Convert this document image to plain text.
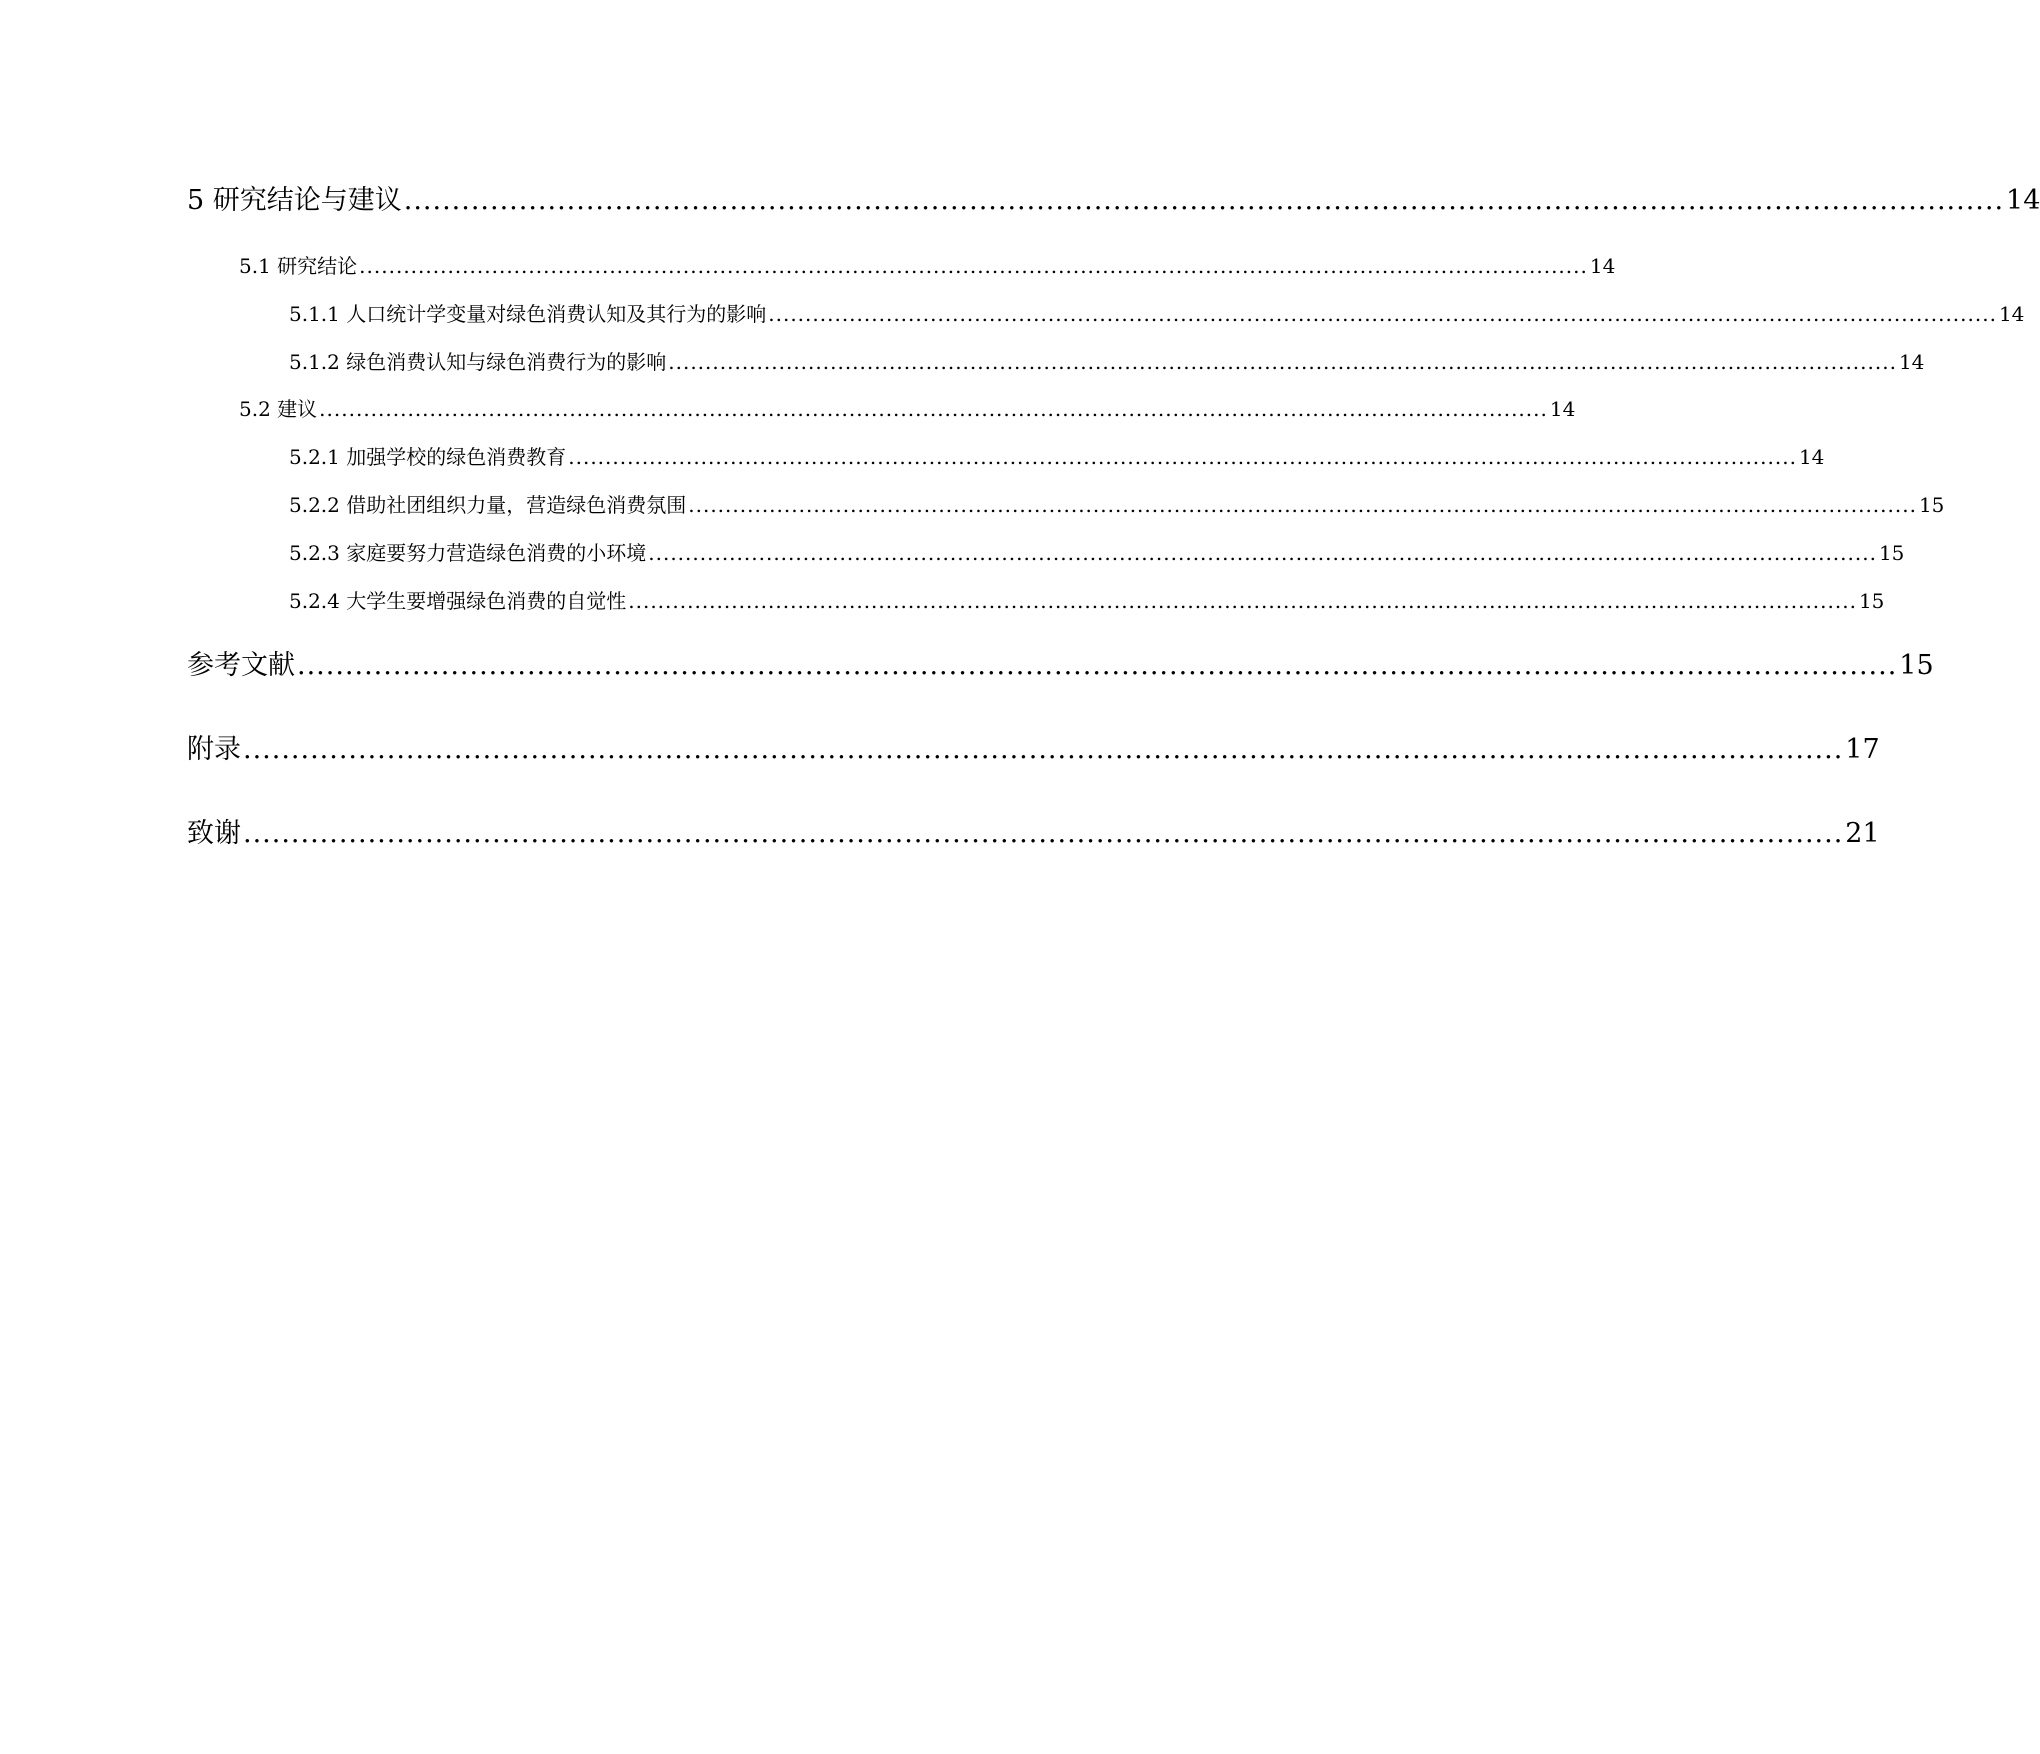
5 研究结论与建议 ....................................................................................................................................................................... 14
5.1 研究结论 ....................................................................................................................................................................... 14
5.1.1 人口统计学变量对绿色消费认知及其行为的影响 ....................................................................................................................................................................... 14
5.1.2 绿色消费认知与绿色消费行为的影响 ....................................................................................................................................................................... 14
5.2 建议 ....................................................................................................................................................................... 14
5.2.1 加强学校的绿色消费教育 ....................................................................................................................................................................... 14
5.2.2 借助社团组织力量，营造绿色消费氛围 ....................................................................................................................................................................... 15
5.2.3 家庭要努力营造绿色消费的小环境 ....................................................................................................................................................................... 15
5.2.4 大学生要增强绿色消费的自觉性 ....................................................................................................................................................................... 15
参考文献 ....................................................................................................................................................................... 15
附录 ....................................................................................................................................................................... 17
致谢 ....................................................................................................................................................................... 21
